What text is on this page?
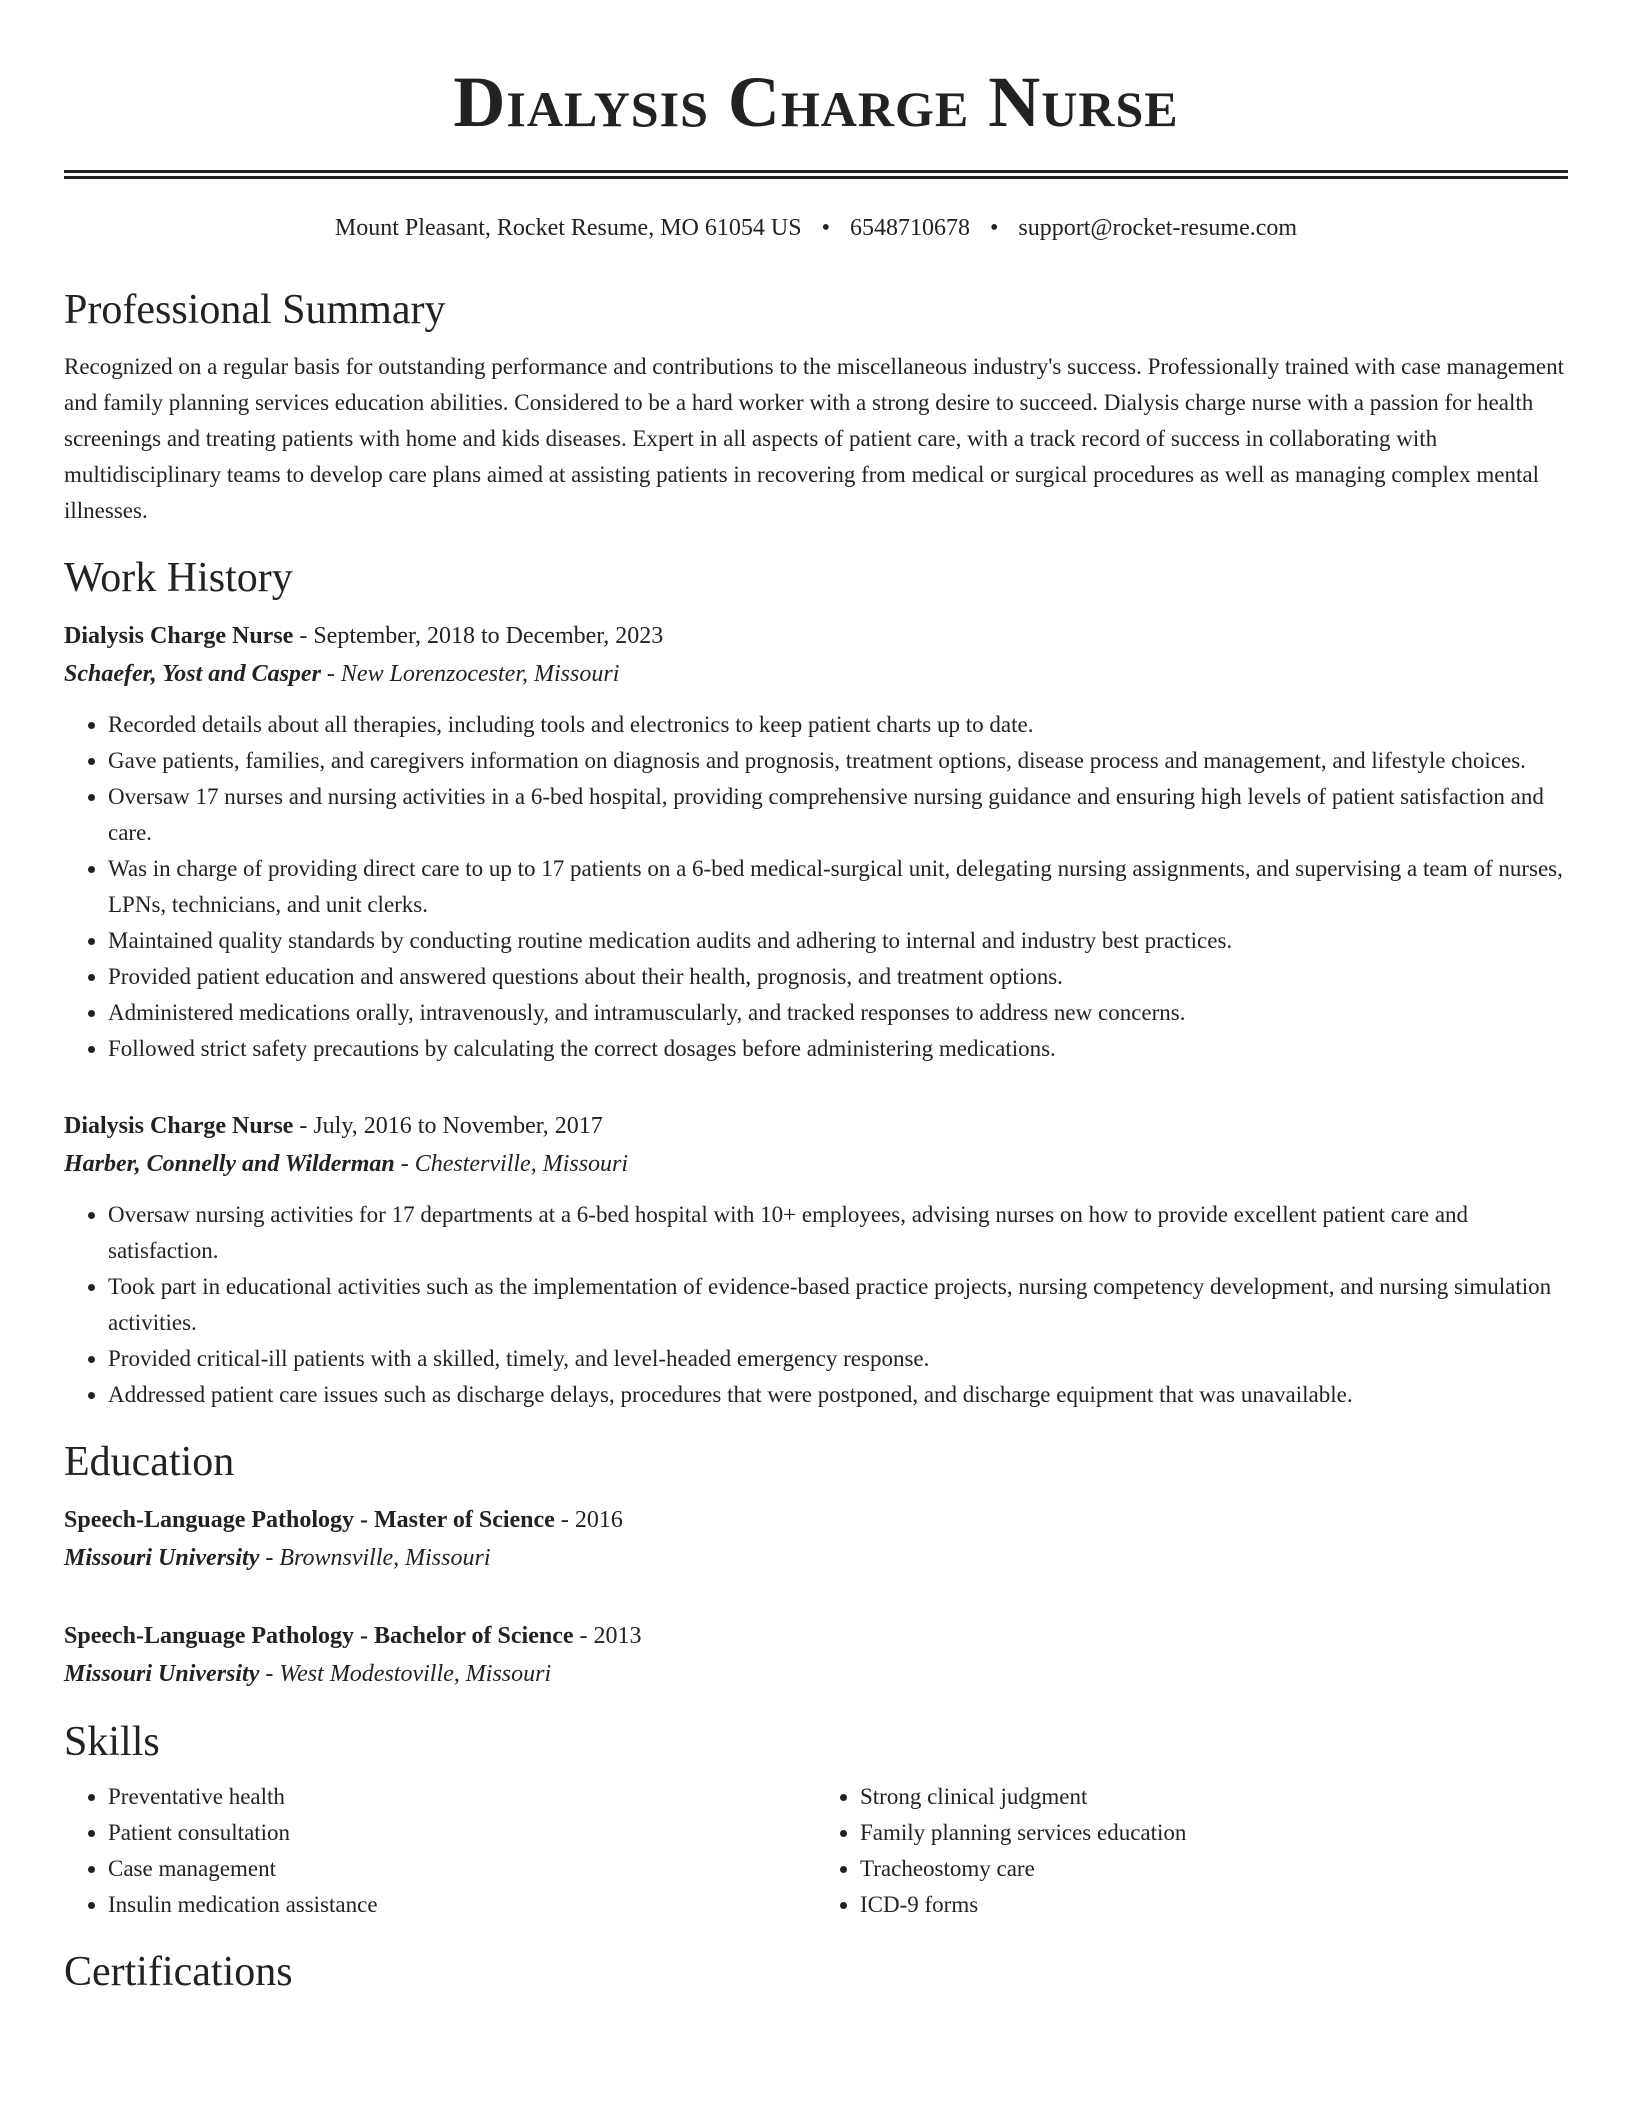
Dialysis Charge Nurse
Mount Pleasant, Rocket Resume, MO 61054 US • 6548710678 • support@rocket-resume.com
Professional Summary

Recognized on a regular basis for outstanding performance and contributions to the miscellaneous industry's success. Professionally trained with case management and family planning services education abilities. Considered to be a hard worker with a strong desire to succeed. Dialysis charge nurse with a passion for health screenings and treating patients with home and kids diseases. Expert in all aspects of patient care, with a track record of success in collaborating with multidisciplinary teams to develop care plans aimed at assisting patients in recovering from medical or surgical procedures as well as managing complex mental illnesses.

Work History
Dialysis Charge Nurse - September, 2018 to December, 2023
Schaefer, Yost and Casper - New Lorenzocester, Missouri
• Recorded details about all therapies, including tools and electronics to keep patient charts up to date.
• Gave patients, families, and caregivers information on diagnosis and prognosis, treatment options, disease process and management, and lifestyle choices.
• Oversaw 17 nurses and nursing activities in a 6-bed hospital, providing comprehensive nursing guidance and ensuring high levels of patient satisfaction and care.
• Was in charge of providing direct care to up to 17 patients on a 6-bed medical-surgical unit, delegating nursing assignments, and supervising a team of nurses, LPNs, technicians, and unit clerks.
• Maintained quality standards by conducting routine medication audits and adhering to internal and industry best practices.
• Provided patient education and answered questions about their health, prognosis, and treatment options.
• Administered medications orally, intravenously, and intramuscularly, and tracked responses to address new concerns.
• Followed strict safety precautions by calculating the correct dosages before administering medications.
Dialysis Charge Nurse - July, 2016 to November, 2017
Harber, Connelly and Wilderman - Chesterville, Missouri
• Oversaw nursing activities for 17 departments at a 6-bed hospital with 10+ employees, advising nurses on how to provide excellent patient care and satisfaction.
• Took part in educational activities such as the implementation of evidence-based practice projects, nursing competency development, and nursing simulation activities.
• Provided critical-ill patients with a skilled, timely, and level-headed emergency response.
• Addressed patient care issues such as discharge delays, procedures that were postponed, and discharge equipment that was unavailable.
Education
Speech-Language Pathology - Master of Science - 2016
Missouri University - Brownsville, Missouri
Speech-Language Pathology - Bachelor of Science - 2013
Missouri University - West Modestoville, Missouri
Skills
• Preventative health
• Patient consultation
• Case management
• Insulin medication assistance
• Strong clinical judgment
• Family planning services education
• Tracheostomy care
• ICD-9 forms
Certifications
